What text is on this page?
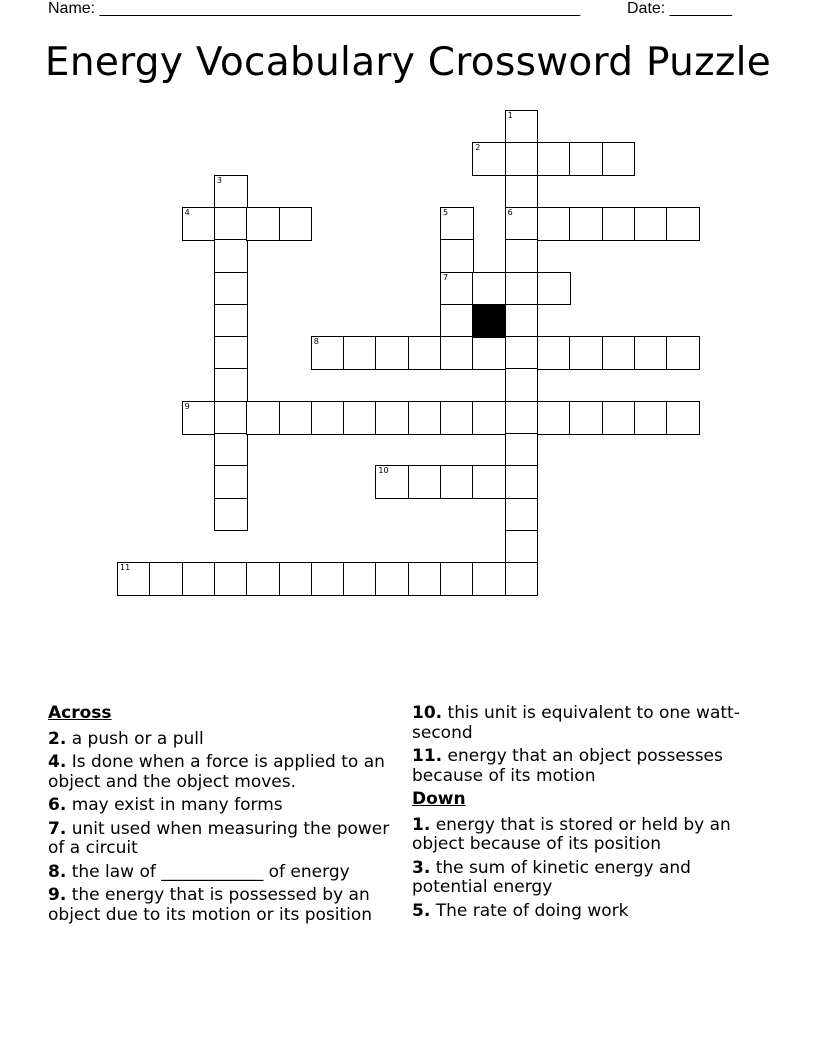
Name: ______________________________________________________	Date: _______
Energy Vocabulary Crossword Puzzle
1
6
2
3
4	5
7
8
9
10
11
Across
2. a push or a pull
4. Is done when a force is applied to an object and the object moves.
6. may exist in many forms
7. unit used when measuring the power of a circuit
8. the law of ____________ of energy
9. the energy that is possessed by an object due to its motion or its position
10. this unit is equivalent to one watt-second
11. energy that an object possesses because of its motion
Down
1. energy that is stored or held by an object because of its position
3. the sum of kinetic energy and potential energy
5. The rate of doing work
